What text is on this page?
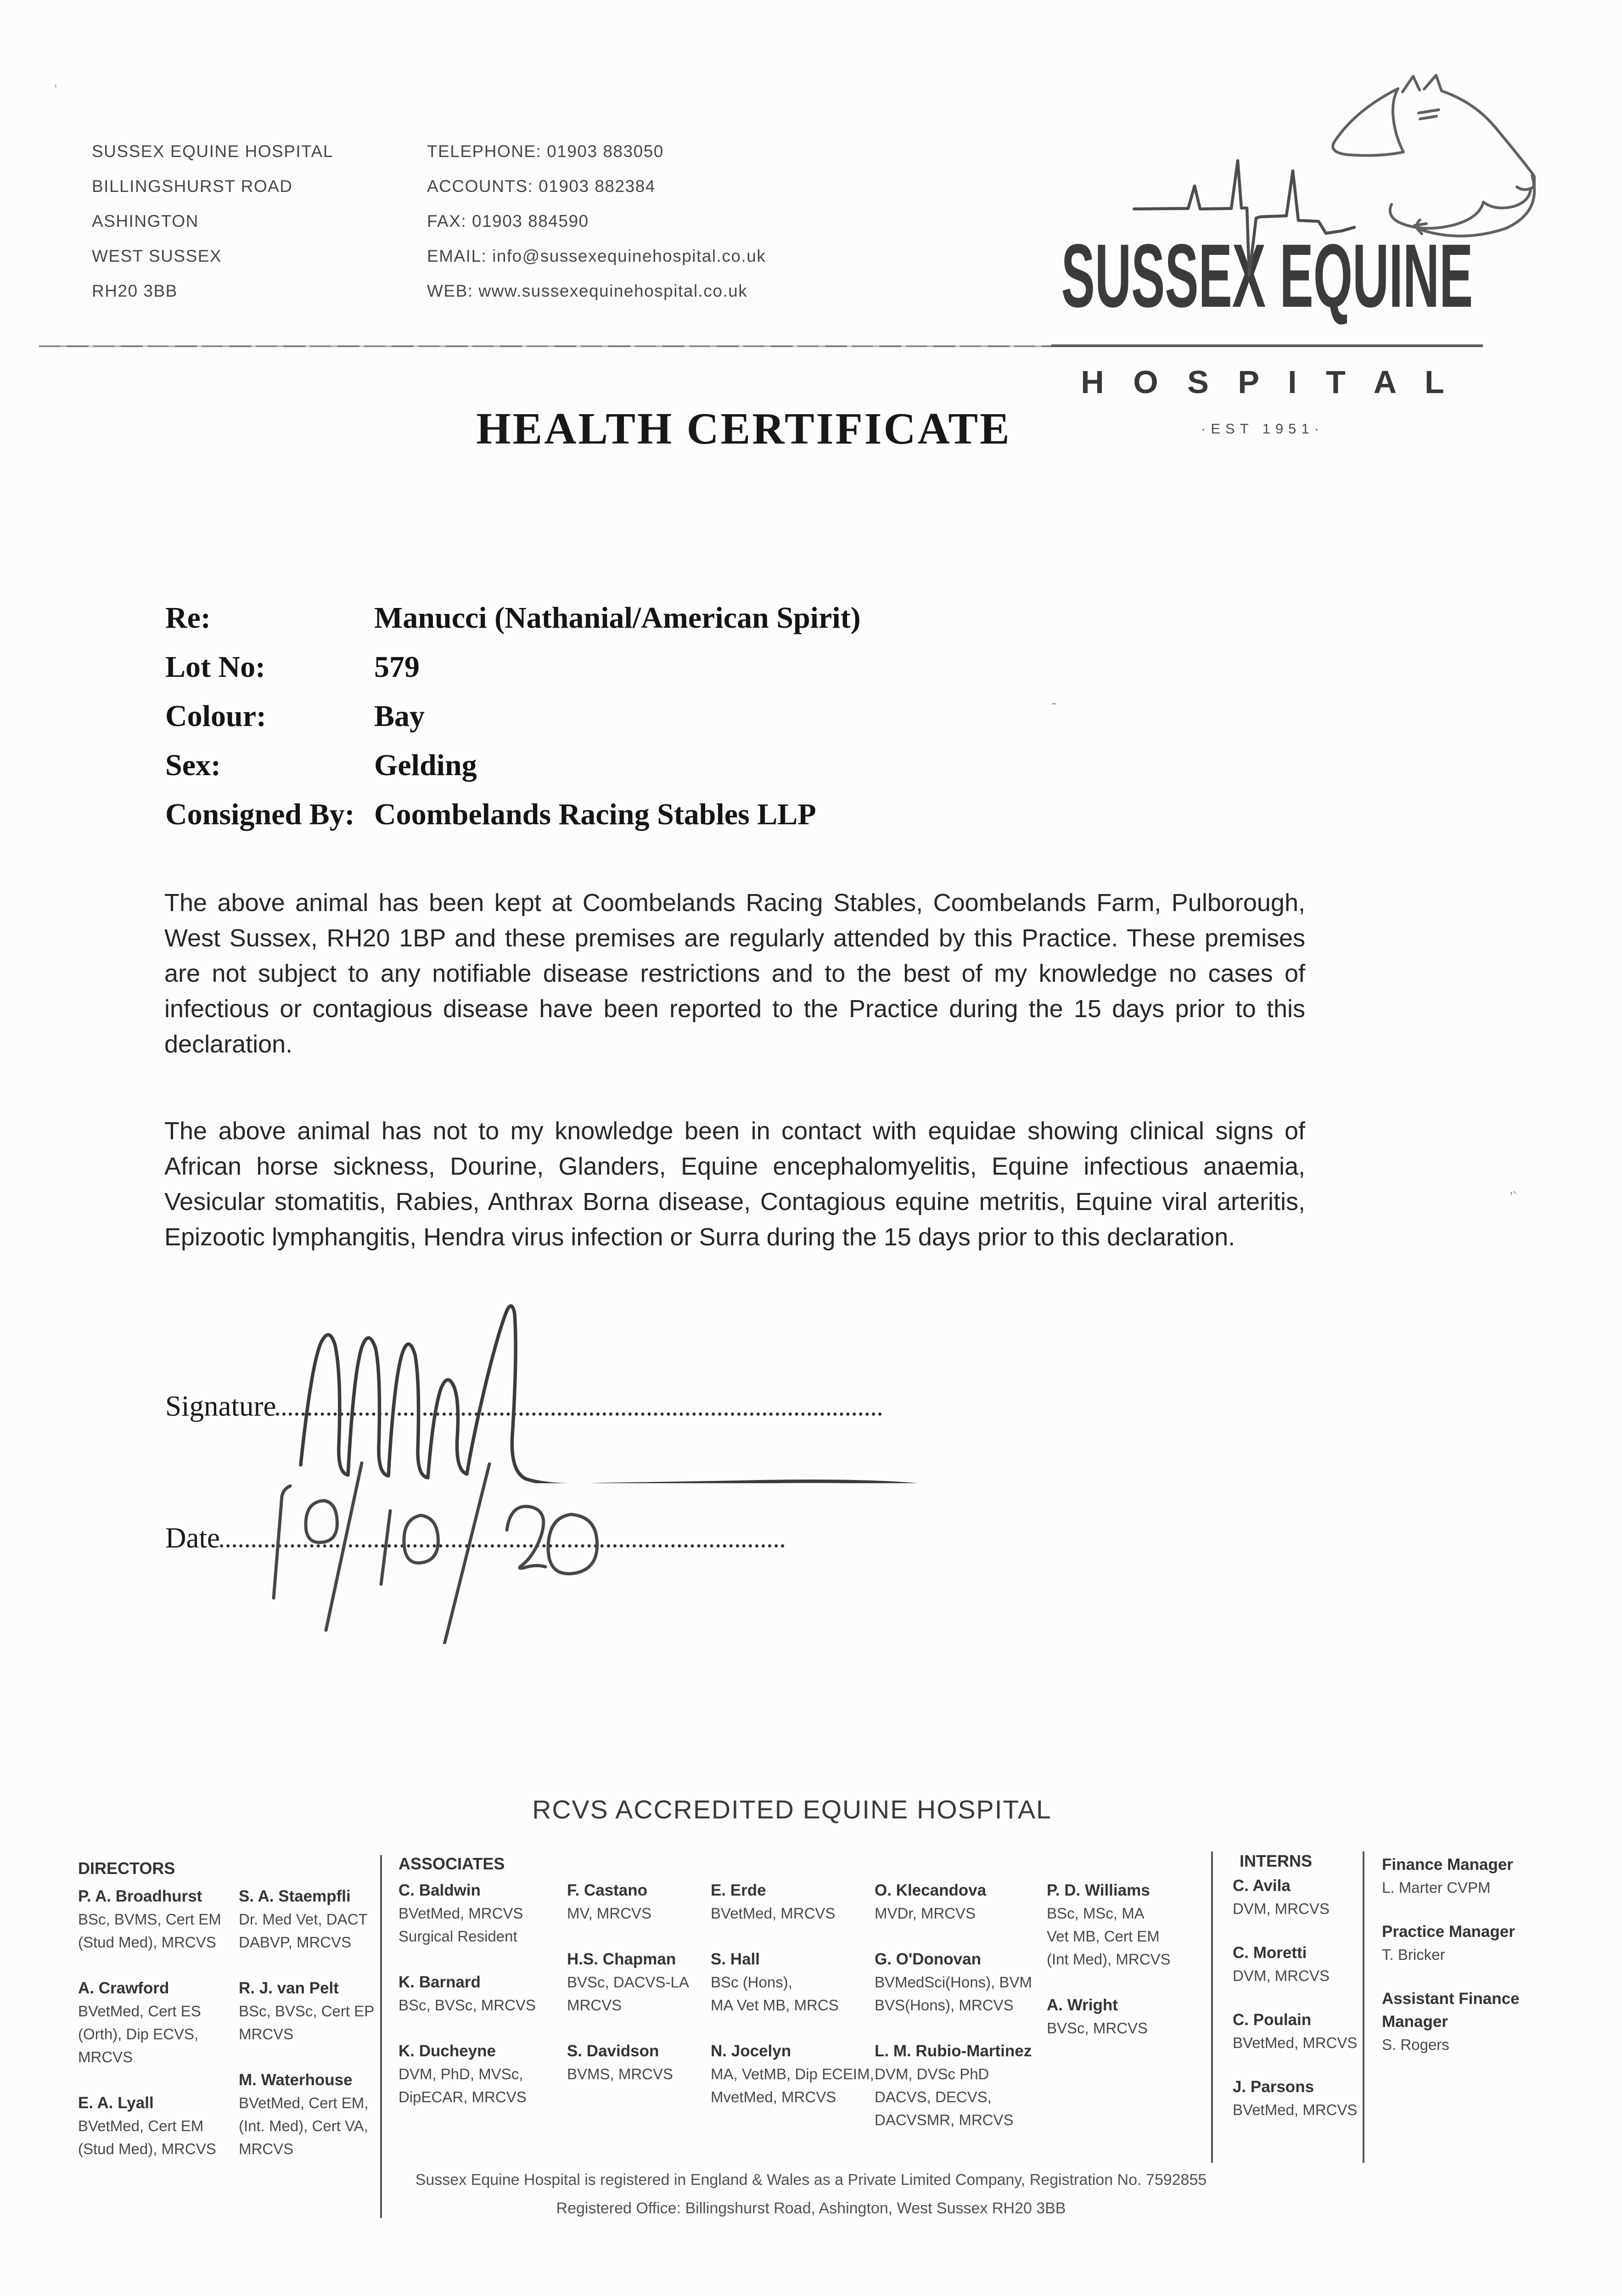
`
SUSSEX EQUINE HOSPITAL
BILLINGSHURST ROAD
ASHINGTON
WEST SUSSEX
RH20 3BB
TELEPHONE: 01903 883050
ACCOUNTS: 01903 882384
FAX: 01903 884590
EMAIL: info@sussexequinehospital.co.uk
WEB: www.sussexequinehospital.co.uk	SUSSEX EQUINE
H O S P I T A L
·EST 1951·
HEALTH CERTIFICATE
Re:	Manucci (Nathanial/American Spirit)
Lot No:	579
Colour:	Bay
Sex:	Gelding
Consigned By: Coombelands Racing Stables LLP

The above animal has been kept at Coombelands Racing Stables, Coombelands Farm, Pulborough, West Sussex, RH20 1BP and these premises are regularly attended by this Practice. These premises are not subject to any notifiable disease restrictions and to the best of my knowledge no cases of infectious or contagious disease have been reported to the Practice during the 15 days prior to this declaration.

The above animal has not to my knowledge been in contact with equidae showing clinical signs of African horse sickness, Dourine, Glanders, Equine encephalomyelitis, Equine infectious anaemia, Vesicular stomatitis, Rabies, Anthrax Borna disease, Contagious equine metritis, Equine viral arteritis, Epizootic lymphangitis, Hendra virus infection or Surra during the 15 days prior to this declaration.

Signature
Date
-
’‵
RCVS ACCREDITED EQUINE HOSPITAL
DIRECTORS
P. A. Broadhurst
BSc, BVMS, Cert EM
(Stud Med), MRCVS
A. Crawford
BVetMed, Cert ES
(Orth), Dip ECVS,
MRCVS
E. A. Lyall
BVetMed, Cert EM
(Stud Med), MRCVS
S. A. Staempfli
Dr. Med Vet, DACT
DABVP, MRCVS
R. J. van Pelt
BSc, BVSc, Cert EP
MRCVS
M. Waterhouse
BVetMed, Cert EM,
(Int. Med), Cert VA,
MRCVS
ASSOCIATES
C. Baldwin
BVetMed, MRCVS
Surgical Resident
K. Barnard
BSc, BVSc, MRCVS
K. Ducheyne
DVM, PhD, MVSc,
DipECAR, MRCVS
F. Castano
MV, MRCVS
H.S. Chapman
BVSc, DACVS-LA
MRCVS
S. Davidson
BVMS, MRCVS
E. Erde
BVetMed, MRCVS
S. Hall
BSc (Hons),
MA Vet MB, MRCS
N. Jocelyn
MA, VetMB, Dip ECEIM,
MvetMed, MRCVS
O. Klecandova
MVDr, MRCVS
G. O'Donovan
BVMedSci(Hons), BVM
BVS(Hons), MRCVS
L. M. Rubio-Martinez
DVM, DVSc PhD
DACVS, DECVS,
DACVSMR, MRCVS
P. D. Williams
BSc, MSc, MA
Vet MB, Cert EM
(Int Med), MRCVS
A. Wright
BVSc, MRCVS
INTERNS
C. Avila
DVM, MRCVS
C. Moretti
DVM, MRCVS
C. Poulain
BVetMed, MRCVS
J. Parsons
BVetMed, MRCVS
Finance Manager
L. Marter CVPM
Practice Manager
T. Bricker
Assistant Finance Manager
S. Rogers
Sussex Equine Hospital is registered in England & Wales as a Private Limited Company, Registration No. 7592855
Registered Office: Billingshurst Road, Ashington, West Sussex RH20 3BB
